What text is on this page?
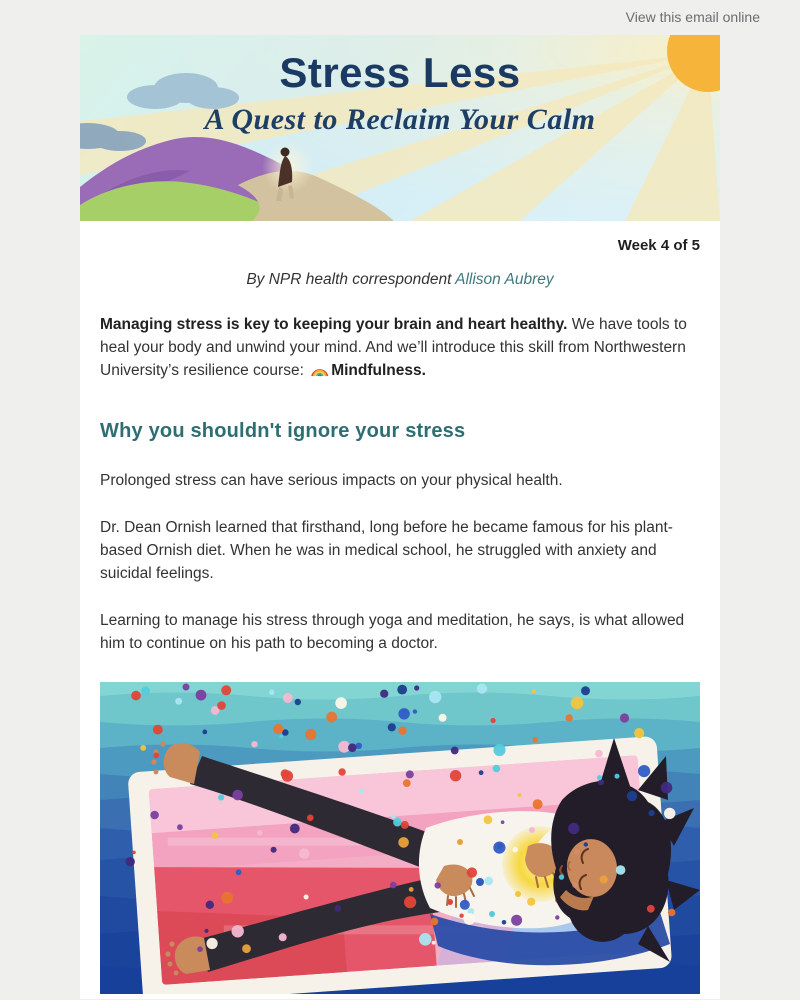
View this email online
Stress Less
A Quest to Reclaim Your Calm
Week 4 of 5
By NPR health correspondent Allison Aubrey

Managing stress is key to keeping your brain and heart healthy. We have tools to heal your body and unwind your mind. And we’ll introduce this skill from Northwestern University’s resilience course: Mindfulness.

Why you shouldn't ignore your stress

Prolonged stress can have serious impacts on your physical health.

Dr. Dean Ornish learned that firsthand, long before he became famous for his plant-based Ornish diet. When he was in medical school, he struggled with anxiety and suicidal feelings.

Learning to manage his stress through yoga and meditation, he says, is what allowed him to continue on his path to becoming a doctor.
